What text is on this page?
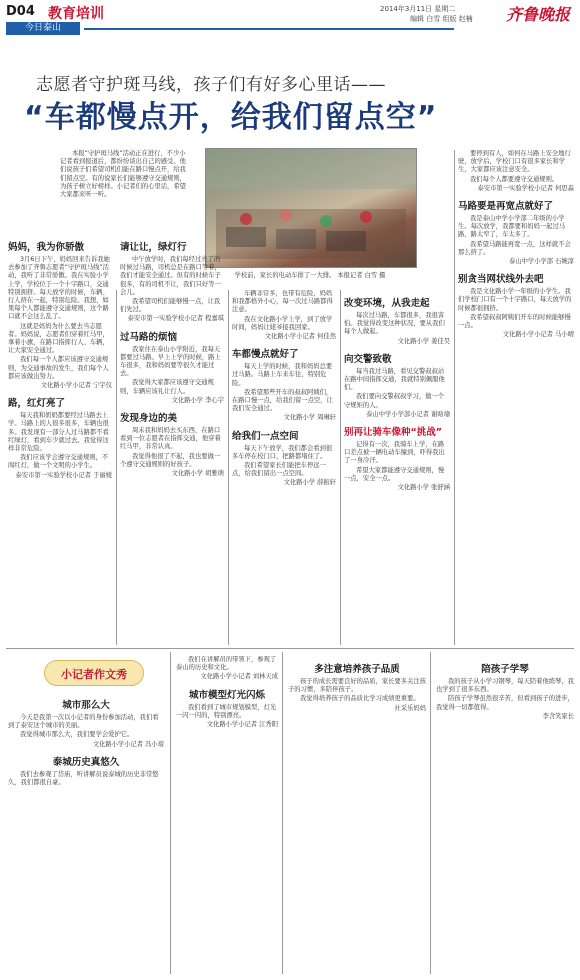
D04 教育培训
今日泰山
2014年3月11日 星期二
编辑 白雪 组版 赵楠 齐鲁晚报
志愿者守护斑马线，孩子们有好多心里话——
“车都慢点开，给我们留点空”

本报“守护斑马线”活动正在进行，不少小记者看到报道后，都纷纷谈出自己的感受。他们说孩子们希望司机们能在路口慢点开，给我们留点空。有的说家长们能够遵守交通规则，为孩子树立好榜样。小记者们的心里话，希望大家都来听一听。

学校前，家长的电动车排了一大排。 本报记者 白雪 摄
妈妈，我为你骄傲

3月6日下午，妈妈回来告诉我她去参加了齐鲁志愿者“守护斑马线”活动，我听了非常骄傲。我在实验小学上学，学校位于一个十字路口，交通特别拥挤。每天放学的时候，车辆、行人挤在一起，特别危险。我想，如果每个人都能遵守交通规则，这个路口就不会这么乱了。

这就是妈妈为什么要去当志愿者。妈妈说，志愿者们穿着红马甲，拿着小旗，在路口指挥行人、车辆，让大家安全通过。

我们每一个人都应该遵守交通规则，为交通事故的发生，我们每个人都应该做出努力。

文化路小学小记者 宁宇仪
路，红灯亮了

每天我和奶奶都要经过马路去上学。马路上的人很多很多，车辆也很多。我发现有一部分人过马路都不看红绿灯，看到车少就过去。我觉得这样非常危险。

我们应该学会遵守交通规则，不闯红灯，做一个文明的小学生。

泰安市第一实验学校小记者 于丽媛
请让让，绿灯行

中午放学时，我们每经过亮了的时候过马路，司机总是在路口等着，我们才能安全通过。但有的时候车子很多，有的司机不让，我们只好等一会儿。

我希望司机们能够慢一点，让我们先过。

泰安市第一实验学校小记者 程嘉琪
过马路的烦恼

我家住在泰山小学附近，我每天都要过马路。早上上学的时候，路上车很多，我和妈妈要等很久才能过去。

我觉得大家都应该遵守交通规则，车辆应该礼让行人。

文化路小学 李心宇
发现身边的美

周末我和妈妈去买东西，在路口看到一位志愿者在指挥交通，他穿着红马甲，非常认真。

我觉得他很了不起，我也要做一个遵守交通规则的好孩子。

文化路小学 胡雅萌

车辆非常多，也带有危险，妈妈和我都格外小心，每一次过马路都得注意。

我在文化路小学上学，到了放学时间，妈妈让姥爷接我回家。

文化路小学小记者 何佳然
车都慢点就好了

每天上学的时候，我和妈妈总要过马路。马路上车来车往，特别危险。

我希望那些开车的叔叔阿姨们，在路口慢一点，给我们留一点空，让我们安全通过。

文化路小学 周琳轩
给我们一点空间

每天下午放学，我们都会看到很多车停在校门口，把路都堵住了。

我们希望家长们能把车停远一点，给我们留出一点空间。

文化路小学 薛振轩
改变环境，从我走起

每次过马路，车都很多，我很害怕。我觉得改变这种状况，要从我们每个人做起。

文化路小学 姜佳昊
向交警致敬

每当我过马路，看见交警叔叔站在路中间指挥交通，我就特别佩服他们。

我们要向交警叔叔学习，做一个守规矩的人。

泰山中学小学部小记者 谢晗瑜
别再让骑车像种“挑战”

记得有一次，我骑车上学，在路口差点被一辆电动车撞到，吓得我出了一身冷汗。

希望大家都能遵守交通规则，慢一点，安全一点。

文化路小学 张舒涵

要停到有人，如何在马路上安全地行驶，放学后，学校门口有很多家长和学生，大家都应该注意安全。

我们每个人都要遵守交通规则。

泰安市第一实验学校小记者 何思淼
马路要是再宽点就好了

我是泰山中学小学部二年级的小学生。每次放学，我都要和妈妈一起过马路，路太窄了，车太多了。

我希望马路能再宽一点，这样就不会那么挤了。

泰山中学小学部 石婉淳
别贪当网状线外去吧

我是文化路小学一年级的小学生。我们学校门口有一个十字路口，每天放学的时候都很拥挤。

我希望叔叔阿姨们开车的时候能够慢一点。

文化路小学小记者 马小晴
小记者作文秀
城市那么大

今天是我第一次以小记者的身份参加活动，我们看到了泰安这个城市的美丽。

我觉得城市那么大，我们要学会爱护它。

文化路小学小记者 冯小瑄
泰城历史真悠久

我们去参观了岱庙，听讲解员说泰城的历史非常悠久，我们都很自豪。

我们在讲解员的带领下，参观了泰山的历史和文化。

文化路小学小记者 刘林天成
城市模型灯光闪烁

我们看到了城市规划模型，灯光一闪一闪的，特别漂亮。

文化路小学小记者 江秀阳
多注意培养孩子品质

孩子的成长需要良好的品质，家长要多关注孩子的习惯，多陪伴孩子。

我觉得培养孩子的品质比学习成绩更重要。

社采乐妈妈
陪孩子学琴

我的孩子从小学习钢琴，每天陪着他练琴，我也学到了很多东西。

陪孩子学琴虽然很辛苦，但看到孩子的进步，我觉得一切都值得。

李含笑家长
